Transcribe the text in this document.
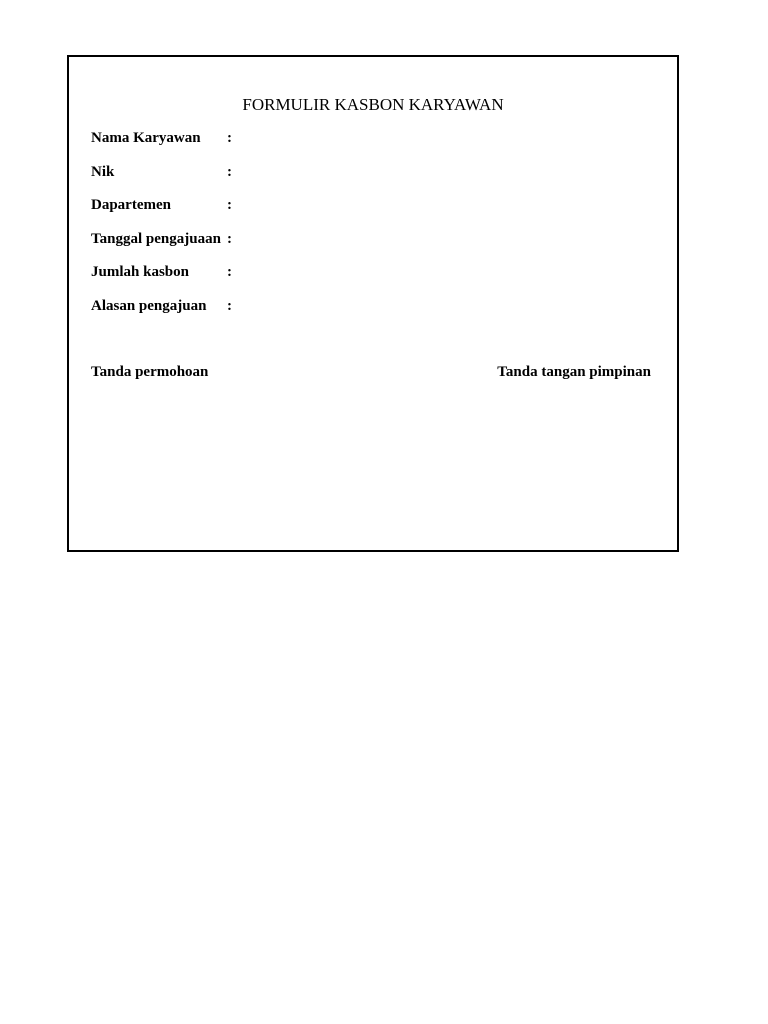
FORMULIR KASBON KARYAWAN
Nama Karyawan :
Nik	:
Dapartemen	:
Tanggal pengajuaan :
Jumlah kasbon	:
Alasan pengajuan :
Tanda permohoan	Tanda tangan pimpinan
